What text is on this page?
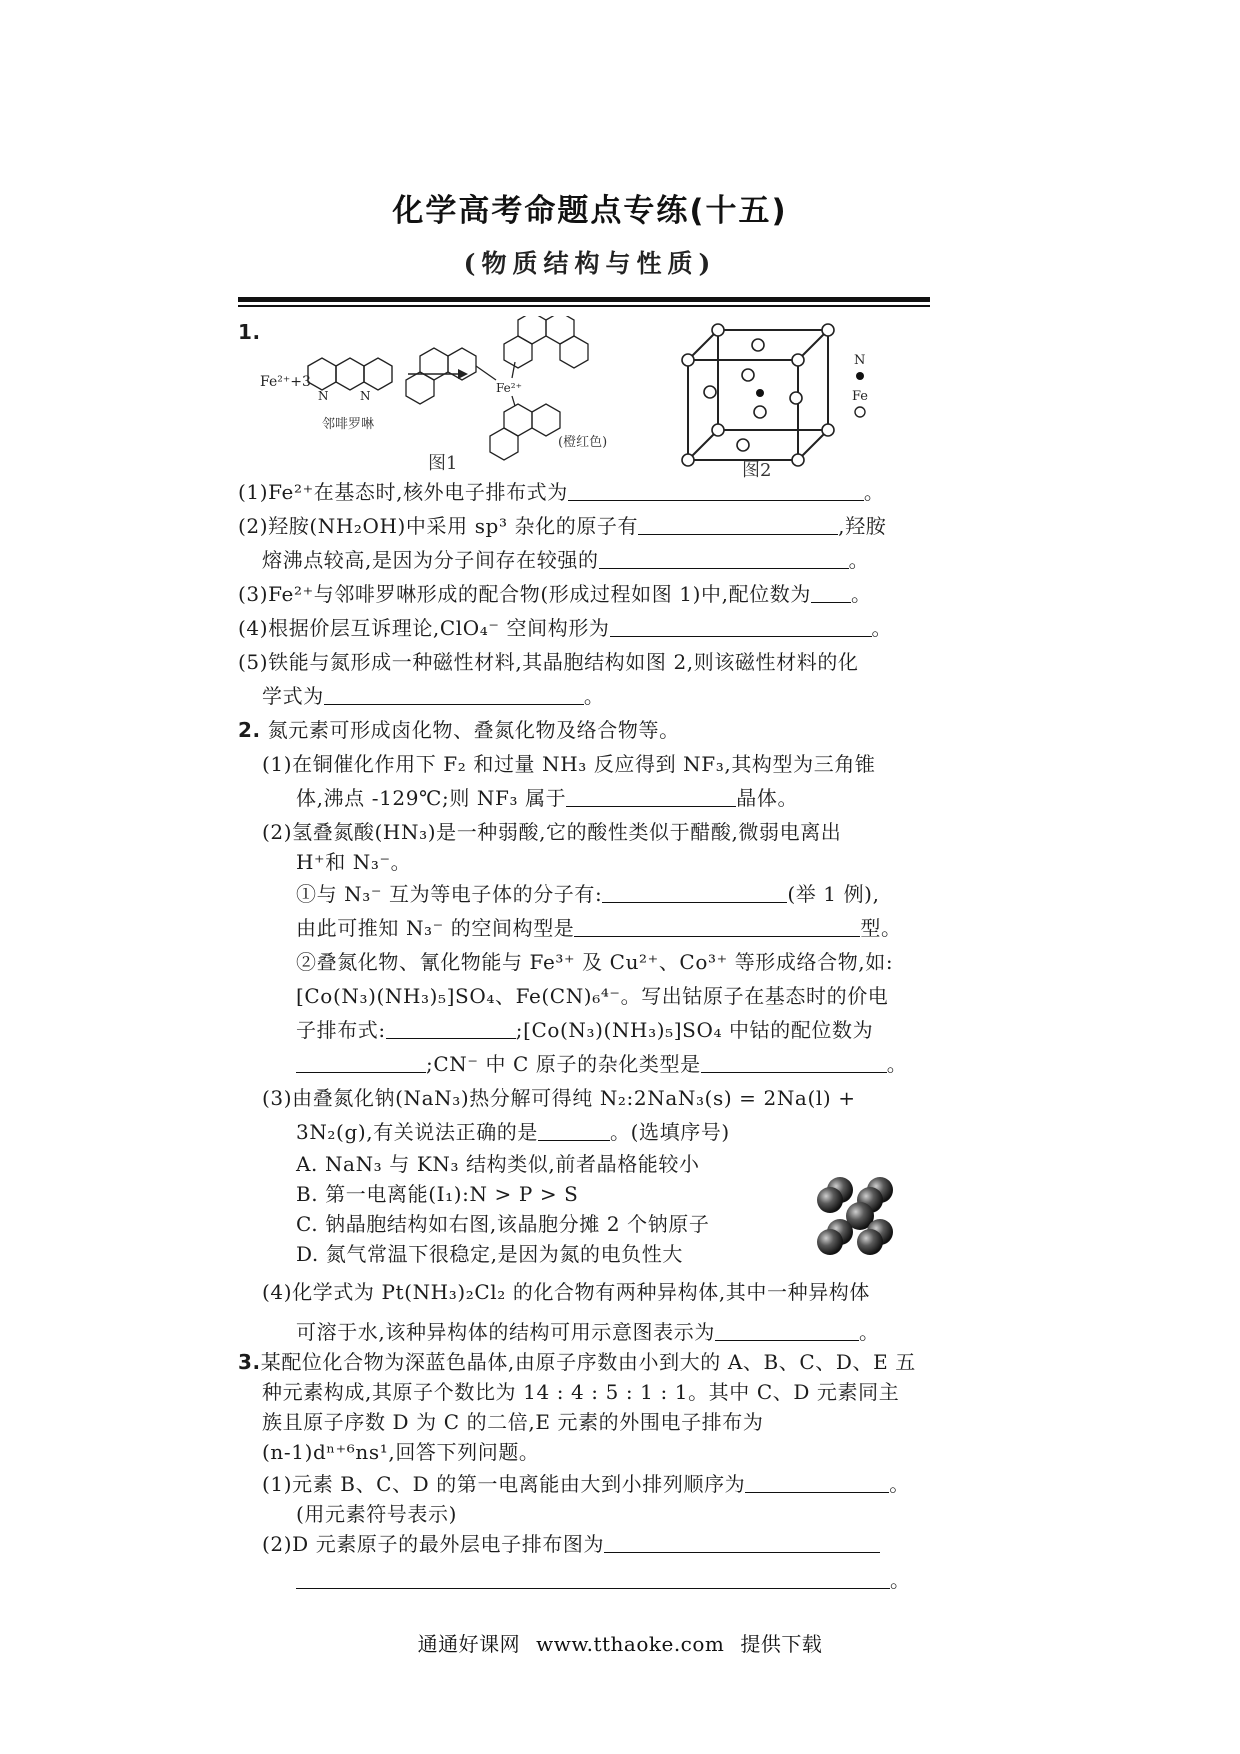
化学高考命题点专练(十五)
(物质结构与性质)
1.
Fe²⁺+3
N	N
邻啡罗啉
Fe²⁺
(橙红色)
图1
N
Fe
图2
(1)Fe²⁺在基态时,核外电子排布式为	。
(2)羟胺(NH₂OH)中采用 sp³ 杂化的原子有	,羟胺
熔沸点较高,是因为分子间存在较强的	。
(3)Fe²⁺与邻啡罗啉形成的配合物(形成过程如图 1)中,配位数为 。
(4)根据价层互诉理论,ClO₄⁻ 空间构形为	。
(5)铁能与氮形成一种磁性材料,其晶胞结构如图 2,则该磁性材料的化
学式为	。
2. 氮元素可形成卤化物、叠氮化物及络合物等。
(1)在铜催化作用下 F₂ 和过量 NH₃ 反应得到 NF₃,其构型为三角锥
体,沸点 -129℃;则 NF₃ 属于	晶体。
(2)氢叠氮酸(HN₃)是一种弱酸,它的酸性类似于醋酸,微弱电离出
H⁺和 N₃⁻。
①与 N₃⁻ 互为等电子体的分子有:	(举 1 例),
由此可推知 N₃⁻ 的空间构型是	型。
②叠氮化物、氰化物能与 Fe³⁺ 及 Cu²⁺、Co³⁺ 等形成络合物,如:
[Co(N₃)(NH₃)₅]SO₄、Fe(CN)₆⁴⁻。写出钴原子在基态时的价电
子排布式:	;[Co(N₃)(NH₃)₅]SO₄ 中钴的配位数为
;CN⁻ 中 C 原子的杂化类型是	。
(3)由叠氮化钠(NaN₃)热分解可得纯 N₂:2NaN₃(s) = 2Na(l) +
3N₂(g),有关说法正确的是	。(选填序号)
A. NaN₃ 与 KN₃ 结构类似,前者晶格能较小
B. 第一电离能(I₁):N > P > S
C. 钠晶胞结构如右图,该晶胞分摊 2 个钠原子
D. 氮气常温下很稳定,是因为氮的电负性大
(4)化学式为 Pt(NH₃)₂Cl₂ 的化合物有两种异构体,其中一种异构体
可溶于水,该种异构体的结构可用示意图表示为	。
3.某配位化合物为深蓝色晶体,由原子序数由小到大的 A、B、C、D、E 五
种元素构成,其原子个数比为 14 : 4 : 5 : 1 : 1。其中 C、D 元素同主
族且原子序数 D 为 C 的二倍,E 元素的外围电子排布为
(n-1)dⁿ⁺⁶ns¹,回答下列问题。
(1)元素 B、C、D 的第一电离能由大到小排列顺序为	。
(用元素符号表示)
(2)D 元素原子的最外层电子排布图为
。
通通好课网 www.tthaoke.com 提供下载
